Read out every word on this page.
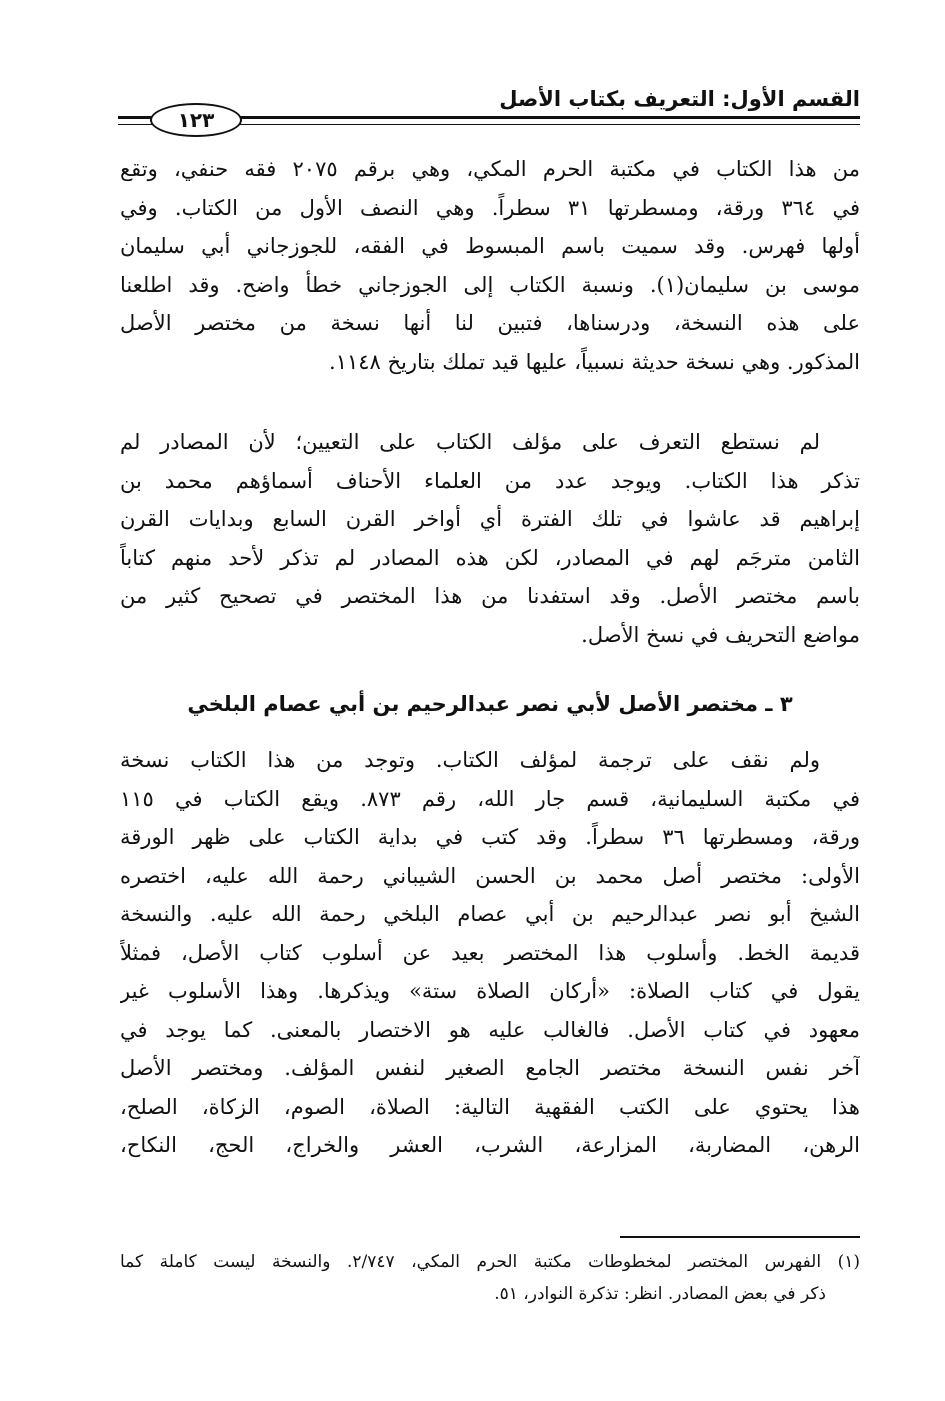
القسم الأول: التعريف بكتاب الأصل
١٢٣
من هذا الكتاب في مكتبة الحرم المكي، وهي برقم ٢٠٧٥ فقه حنفي، وتقع
في ٣٦٤ ورقة، ومسطرتها ٣١ سطراً. وهي النصف الأول من الكتاب. وفي
أولها فهرس. وقد سميت باسم المبسوط في الفقه، للجوزجاني أبي سليمان
موسى بن سليمان(١). ونسبة الكتاب إلى الجوزجاني خطأ واضح. وقد اطلعنا
على هذه النسخة، ودرسناها، فتبين لنا أنها نسخة من مختصر الأصل
المذكور. وهي نسخة حديثة نسبياً، عليها قيد تملك بتاريخ ١١٤٨.
لم نستطع التعرف على مؤلف الكتاب على التعيين؛ لأن المصادر لم
تذكر هذا الكتاب. ويوجد عدد من العلماء الأحناف أسماؤهم محمد بن
إبراهيم قد عاشوا في تلك الفترة أي أواخر القرن السابع وبدايات القرن
الثامن مترجَم لهم في المصادر، لكن هذه المصادر لم تذكر لأحد منهم كتاباً
باسم مختصر الأصل. وقد استفدنا من هذا المختصر في تصحيح كثير من
مواضع التحريف في نسخ الأصل.
٣ ـ مختصر الأصل لأبي نصر عبدالرحيم بن أبي عصام البلخي
ولم نقف على ترجمة لمؤلف الكتاب. وتوجد من هذا الكتاب نسخة
في مكتبة السليمانية، قسم جار الله، رقم ٨٧٣. ويقع الكتاب في ١١٥
ورقة، ومسطرتها ٣٦ سطراً. وقد كتب في بداية الكتاب على ظهر الورقة
الأولى: مختصر أصل محمد بن الحسن الشيباني رحمة الله عليه، اختصره
الشيخ أبو نصر عبدالرحيم بن أبي عصام البلخي رحمة الله عليه. والنسخة
قديمة الخط. وأسلوب هذا المختصر بعيد عن أسلوب كتاب الأصل، فمثلاً
يقول في كتاب الصلاة: «أركان الصلاة ستة» ويذكرها. وهذا الأسلوب غير
معهود في كتاب الأصل. فالغالب عليه هو الاختصار بالمعنى. كما يوجد في
آخر نفس النسخة مختصر الجامع الصغير لنفس المؤلف. ومختصر الأصل
هذا يحتوي على الكتب الفقهية التالية: الصلاة، الصوم، الزكاة، الصلح،
الرهن، المضاربة، المزارعة، الشرب، العشر والخراج، الحج، النكاح،
(١) الفهرس المختصر لمخطوطات مكتبة الحرم المكي، ٢/٧٤٧. والنسخة ليست كاملة كما
ذكر في بعض المصادر. انظر: تذكرة النوادر، ٥١.
